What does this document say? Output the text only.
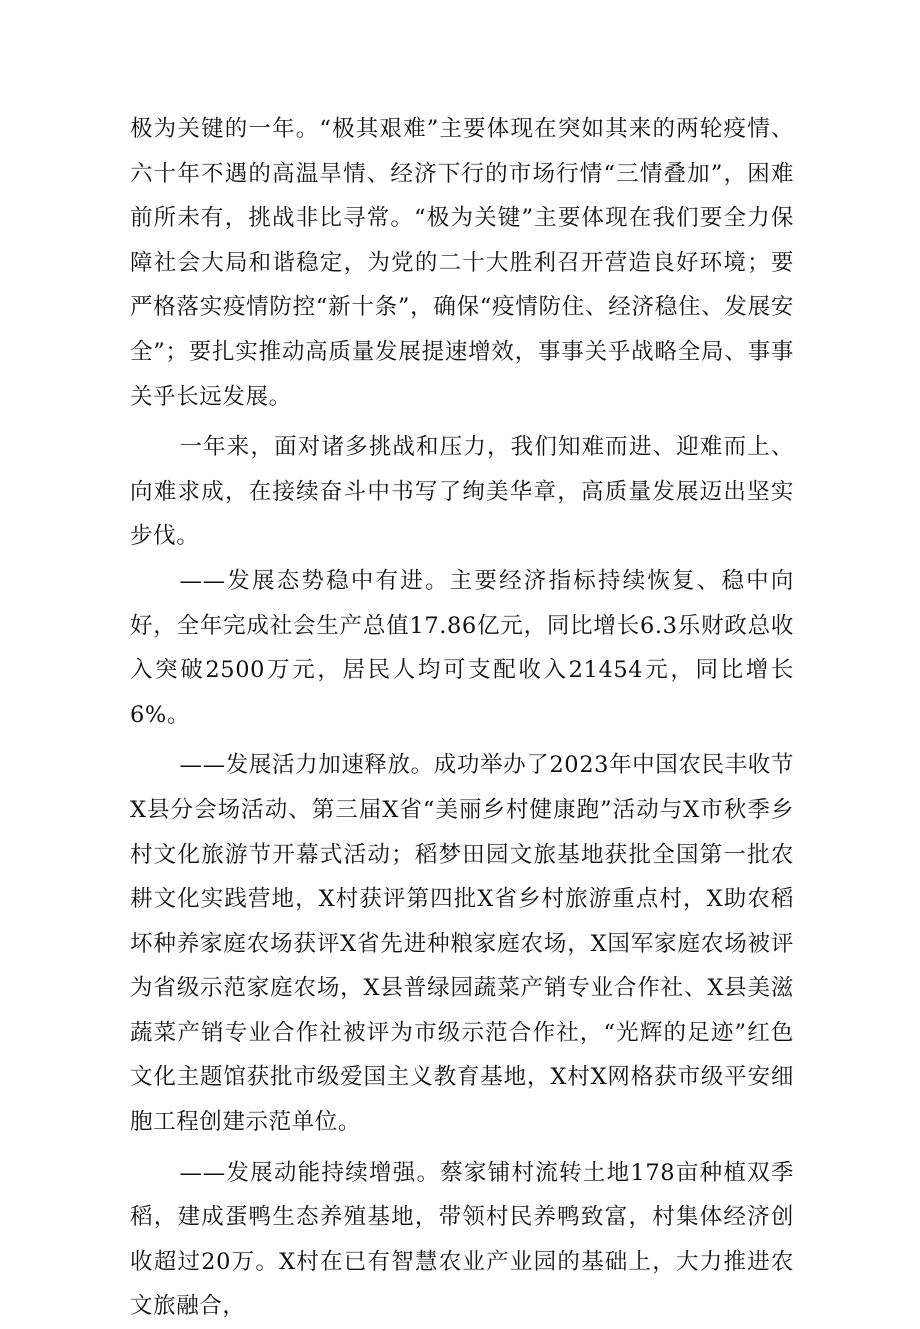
极为关键的一年。“极其艰难”主要体现在突如其来的两轮疫情、六十年不遇的高温旱情、经济下行的市场行情“三情叠加”，困难前所未有，挑战非比寻常。“极为关键”主要体现在我们要全力保障社会大局和谐稳定，为党的二十大胜利召开营造良好环境；要严格落实疫情防控“新十条”，确保“疫情防住、经济稳住、发展安全”；要扎实推动高质量发展提速增效，事事关乎战略全局、事事关乎长远发展。

一年来，面对诸多挑战和压力，我们知难而进、迎难而上、向难求成，在接续奋斗中书写了绚美华章，高质量发展迈出坚实步伐。

——发展态势稳中有进。主要经济指标持续恢复、稳中向好，全年完成社会生产总值17.86亿元，同比增长6.3乐财政总收入突破2500万元，居民人均可支配收入21454元，同比增长6%。

——发展活力加速释放。成功举办了2023年中国农民丰收节X县分会场活动、第三届X省“美丽乡村健康跑”活动与X市秋季乡村文化旅游节开幕式活动；稻梦田园文旅基地获批全国第一批农耕文化实践营地，X村获评第四批X省乡村旅游重点村，X助农稻坏种养家庭农场获评X省先进种粮家庭农场，X国军家庭农场被评为省级示范家庭农场，X县普绿园蔬菜产销专业合作社、X县美滋蔬菜产销专业合作社被评为市级示范合作社，“光辉的足迹”红色文化主题馆获批市级爱国主义教育基地，X村X网格获市级平安细胞工程创建示范单位。

——发展动能持续增强。蔡家铺村流转土地178亩种植双季稻，建成蛋鸭生态养殖基地，带领村民养鸭致富，村集体经济创收超过20万。X村在已有智慧农业产业园的基础上，大力推进农文旅融合，
